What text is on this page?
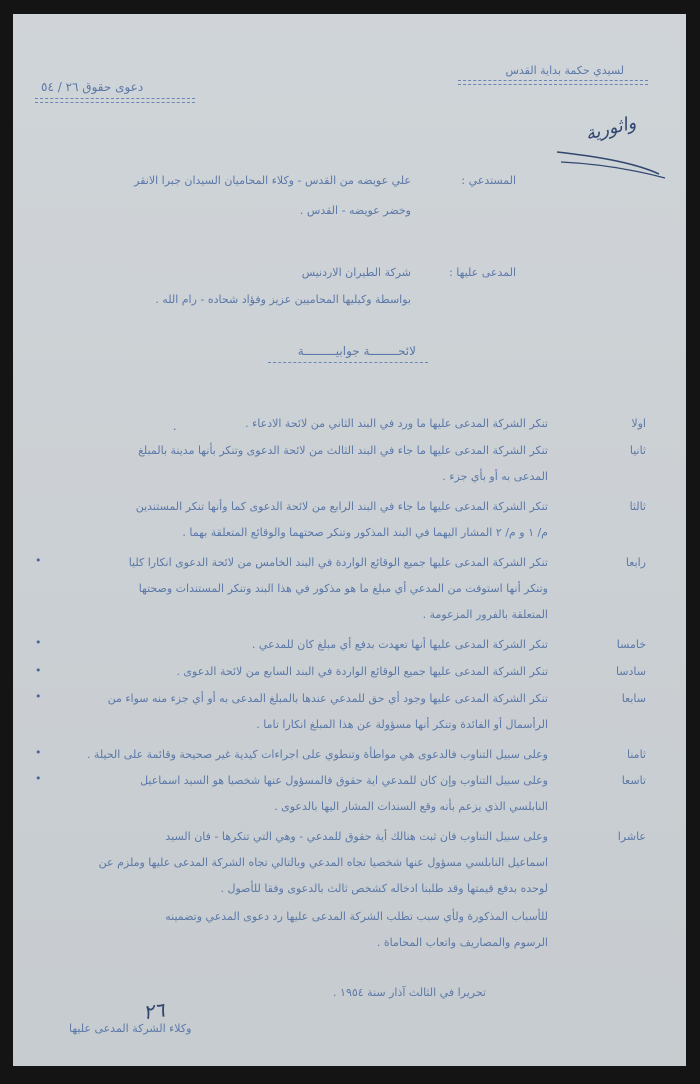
لسيدي حكمة بداية القدس
دعوى حقوق ٢٦ / ٥٤
واثورية
المستدعي :
علي عويضه من القدس - وكلاء المحاميان السيدان جبرا الانقر
وخضر عويضه - القدس .
المدعى عليها :
شركة الطيران الاردنيس
بواسطة وكيليها المحاميين عزيز وفؤاد شحاده - رام الله .
لائحــــــــة جوابيـــــــــة
اولا
تنكر الشركة المدعى عليها ما ورد في البند الثاني من لائحة الادعاء .
ثانيا
تنكر الشركة المدعى عليها ما جاء في البند الثالث من لائحة الدعوى وتنكر بأنها مدينة بالمبلغ
المدعى به أو بأي جزء .
ثالثا
تنكر الشركة المدعى عليها ما جاء في البند الرابع من لائحة الدعوى كما وأنها تنكر المستندين
م/ ١ و م/ ٢ المشار اليهما في البند المذكور وتنكر صحتهما والوقائع المتعلقة بهما .
رابعا
تنكر الشركة المدعى عليها جميع الوقائع الواردة في البند الخامس من لائحة الدعوى انكارا كليا
وتنكر أنها استوفت من المدعي أي مبلغ ما هو مذكور في هذا البند وتنكر المستندات وصحتها
المتعلقة بالفرور المزعومة .
خامسا
تنكر الشركة المدعى عليها أنها تعهدت بدفع أي مبلغ كان للمدعي .
سادسا
تنكر الشركة المدعى عليها جميع الوقائع الواردة في البند السابع من لائحة الدعوى .
سابعا
تنكر الشركة المدعى عليها وجود أي حق للمدعي عندها بالمبلغ المدعى به أو أي جزء منه سواء من
الرأسمال أو الفائدة وتنكر أنها مسؤولة عن هذا المبلغ انكارا تاما .
ثامنا
وعلى سبيل التناوب فالدعوى هي مواطأة وتنطوي على اجراءات كيدية غير صحيحة وقائمة على الحيلة .
تاسعا
وعلى سبيل التناوب وإن كان للمدعي اية حقوق فالمسؤول عنها شخصيا هو السيد اسماعيل
النابلسي الذي يزعم بأنه وقع السندات المشار اليها بالدعوى .
عاشرا
وعلى سبيل التناوب فان ثبت هنالك أية حقوق للمدعي - وهي التي تنكرها - فان السيد
اسماعيل النابلسي مسؤول عنها شخصيا تجاه المدعي وبالتالي تجاه الشركة المدعى عليها وملزم عن
لوحده بدفع قيمتها وقد طلبنا ادخاله كشخص ثالث بالدعوى وفقا للأصول .
.
•
•
•
•
•
•
للأسباب المذكورة ولأي سبب تطلب الشركة المدعى عليها رد دعوى المدعي وتضمينه
الرسوم والمصاريف واتعاب المحاماة .
تحريرا في الثالث آذار سنة ١٩٥٤ .
٢٦
وكلاء الشركة المدعى عليها
